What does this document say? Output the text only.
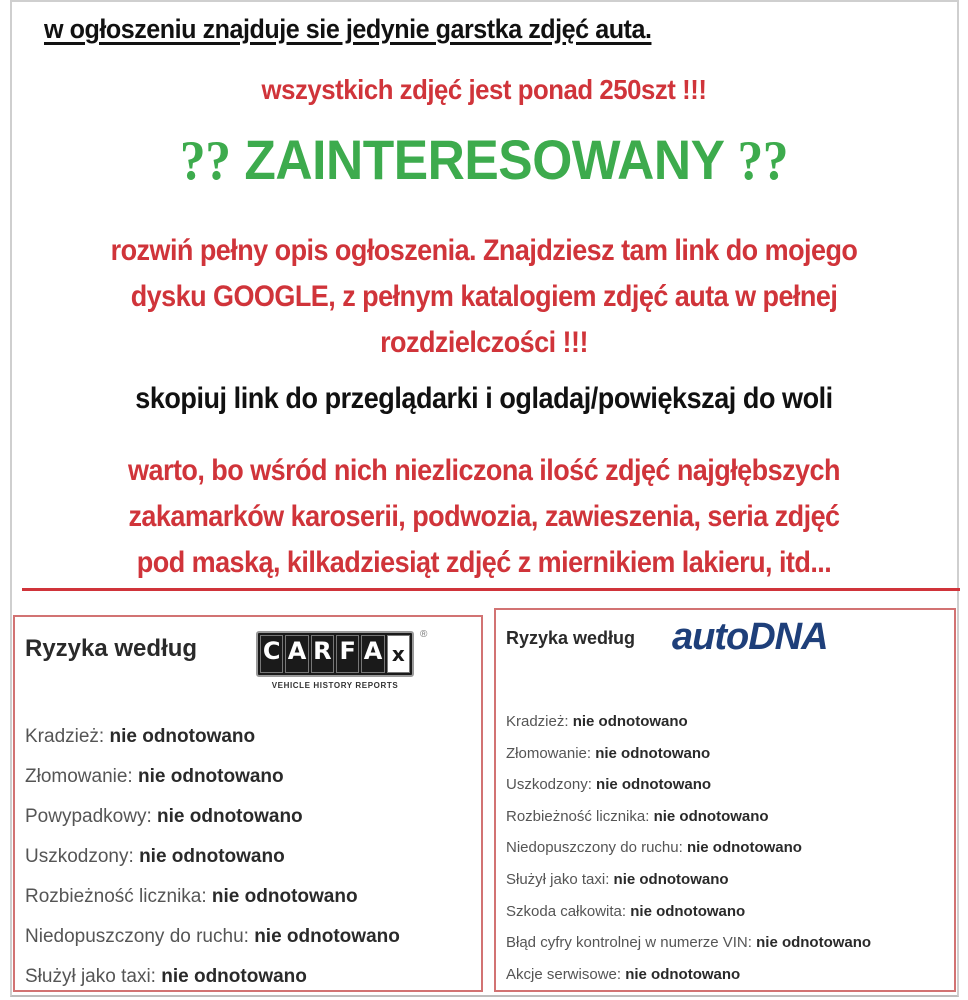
w ogłoszeniu znajduje sie jedynie garstka zdjęć auta.
wszystkich zdjęć jest ponad 250szt !!!
?? ZAINTERESOWANY ??
rozwiń pełny opis ogłoszenia. Znajdziesz tam link do mojego
dysku GOOGLE, z pełnym katalogiem zdjęć auta w pełnej
rozdzielczości !!!
skopiuj link do przeglądarki i ogladaj/powiększaj do woli
warto, bo wśród nich niezliczona ilość zdjęć najgłębszych
zakamarków karoserii, podwozia, zawieszenia, seria zdjęć
pod maską, kilkadziesiąt zdjęć z miernikiem lakieru, itd...
Ryzyka według	C A R F A x
®
VEHICLE HISTORY REPORTS
Kradzież: nie odnotowano
Złomowanie: nie odnotowano
Powypadkowy: nie odnotowano
Uszkodzony: nie odnotowano
Rozbieżność licznika: nie odnotowano
Niedopuszczony do ruchu: nie odnotowano
Służył jako taxi: nie odnotowano
Ryzyka według autoDNA
Kradzież: nie odnotowano
Złomowanie: nie odnotowano
Uszkodzony: nie odnotowano
Rozbieżność licznika: nie odnotowano
Niedopuszczony do ruchu: nie odnotowano
Służył jako taxi: nie odnotowano
Szkoda całkowita: nie odnotowano
Błąd cyfry kontrolnej w numerze VIN: nie odnotowano
Akcje serwisowe: nie odnotowano
